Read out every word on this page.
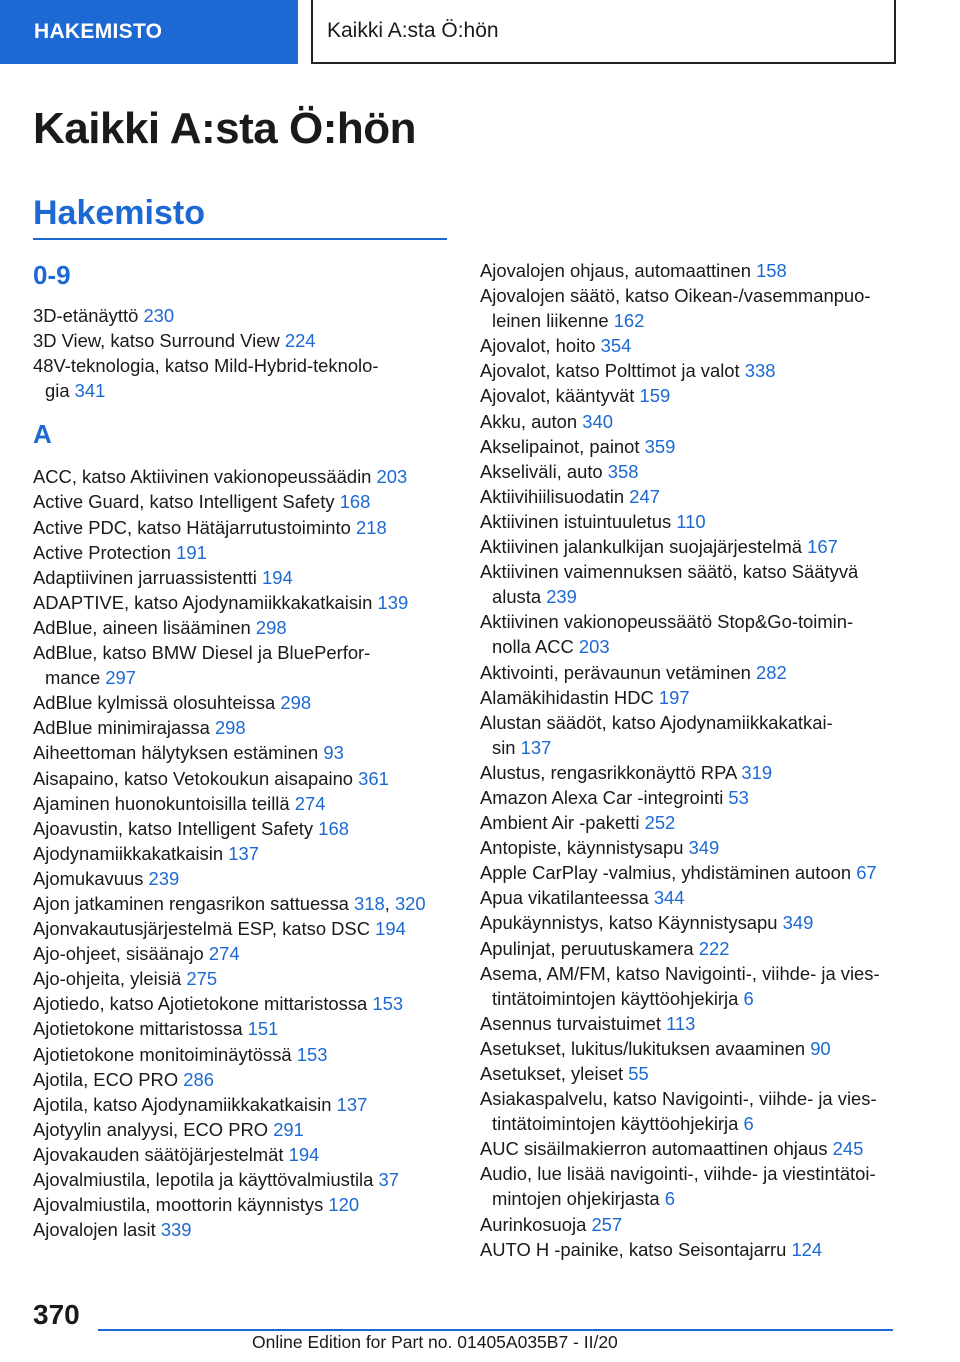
HAKEMISTO	Kaikki A:sta Ö:hön
Kaikki A:sta Ö:hön
Hakemisto
0-9
3D-etänäyttö 230
3D View, katso Surround View 224
48V-teknologia, katso Mild-Hybrid-teknolo‐
gia 341
A
ACC, katso Aktiivinen vakionopeussäädin 203
Active Guard, katso Intelligent Safety 168
Active PDC, katso Hätäjarrutustoiminto 218
Active Protection 191
Adaptiivinen jarruassistentti 194
ADAPTIVE, katso Ajodynamiikkakatkaisin 139
AdBlue, aineen lisääminen 298
AdBlue, katso BMW Diesel ja BluePerfor‐
mance 297
AdBlue kylmissä olosuhteissa 298
AdBlue minimirajassa 298
Aiheettoman hälytyksen estäminen 93
Aisapaino, katso Vetokoukun aisapaino 361
Ajaminen huonokuntoisilla teillä 274
Ajoavustin, katso Intelligent Safety 168
Ajodynamiikkakatkaisin 137
Ajomukavuus 239
Ajon jatkaminen rengasrikon sattuessa 318, 320
Ajonvakautusjärjestelmä ESP, katso DSC 194
Ajo-ohjeet, sisäänajo 274
Ajo-ohjeita, yleisiä 275
Ajotiedo, katso Ajotietokone mittaristossa 153
Ajotietokone mittaristossa 151
Ajotietokone monitoiminäytössä 153
Ajotila, ECO PRO 286
Ajotila, katso Ajodynamiikkakatkaisin 137
Ajotyylin analyysi, ECO PRO 291
Ajovakauden säätöjärjestelmät 194
Ajovalmiustila, lepotila ja käyttövalmiustila 37
Ajovalmiustila, moottorin käynnistys 120
Ajovalojen lasit 339
Ajovalojen ohjaus, automaattinen 158
Ajovalojen säätö, katso Oikean-/vasemmanpuo‐
leinen liikenne 162
Ajovalot, hoito 354
Ajovalot, katso Polttimot ja valot 338
Ajovalot, kääntyvät 159
Akku, auton 340
Akselipainot, painot 359
Akseliväli, auto 358
Aktiivihiilisuodatin 247
Aktiivinen istuintuuletus 110
Aktiivinen jalankulkijan suojajärjestelmä 167
Aktiivinen vaimennuksen säätö, katso Säätyvä
alusta 239
Aktiivinen vakionopeussäätö Stop&Go-toimin‐
nolla ACC 203
Aktivointi, perävaunun vetäminen 282
Alamäkihidastin HDC 197
Alustan säädöt, katso Ajodynamiikkakatkai‐
sin 137
Alustus, rengasrikkonäyttö RPA 319
Amazon Alexa Car -integrointi 53
Ambient Air -paketti 252
Antopiste, käynnistysapu 349
Apple CarPlay -valmius, yhdistäminen autoon 67
Apua vikatilanteessa 344
Apukäynnistys, katso Käynnistysapu 349
Apulinjat, peruutuskamera 222
Asema, AM/FM, katso Navigointi-, viihde- ja vies‐
tintätoimintojen käyttöohjekirja 6
Asennus turvaistuimet 113
Asetukset, lukitus/lukituksen avaaminen 90
Asetukset, yleiset 55
Asiakaspalvelu, katso Navigointi-, viihde- ja vies‐
tintätoimintojen käyttöohjekirja 6
AUC sisäilmakierron automaattinen ohjaus 245
Audio, lue lisää navigointi-, viihde- ja viestintätoi‐
mintojen ohjekirjasta 6
Aurinkosuoja 257
AUTO H -painike, katso Seisontajarru 124
370
Online Edition for Part no. 01405A035B7 - II/20
